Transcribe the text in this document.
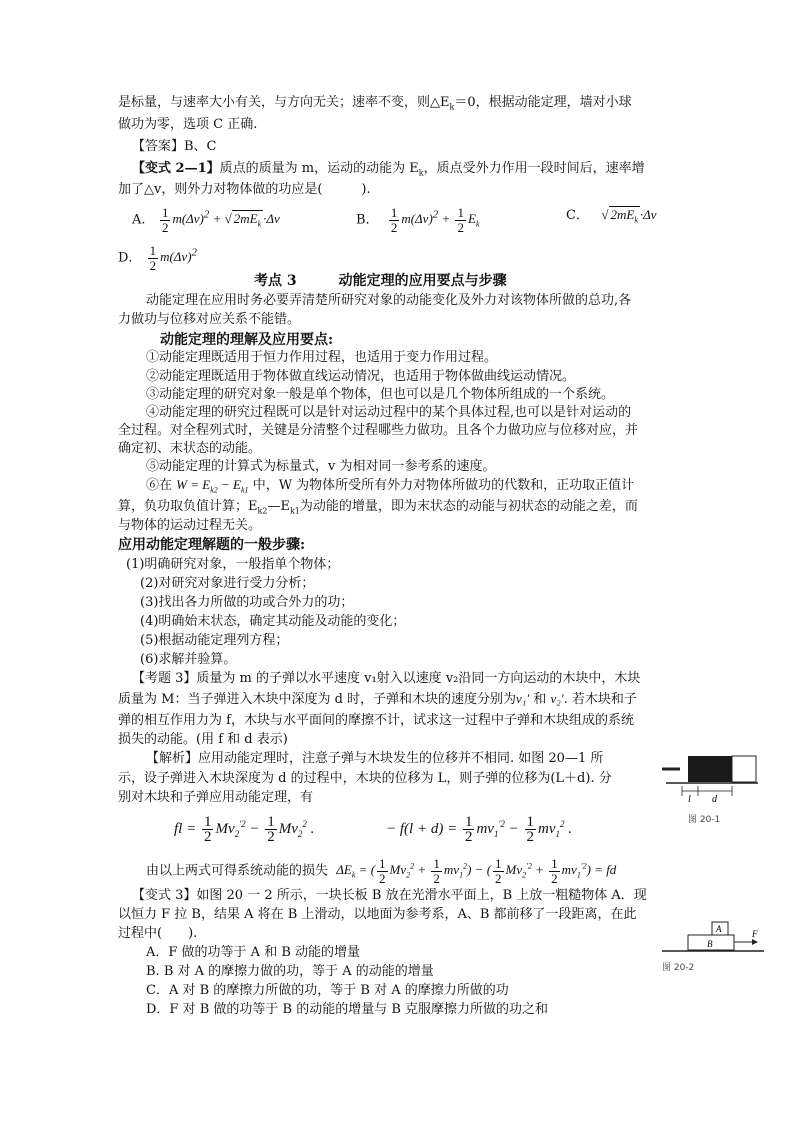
是标量，与速率大小有关，与方向无关；速率不变，则$\triangle E_k=0$，根据动能定理，墙对小球
做功为零，选项 C 正确.
【答案】B、C
【变式 2—1】质点的质量为 m，运动的动能为 $E_k$，质点受外力作用一段时间后，速率增
加了△v，则外力对物体做的功应是(　　　).
A. $\frac{1}{2} m(\Delta v)^2$ + √ $2mE_k \cdot\Delta v$	B． $\frac{1}{2} m(\Delta v)^2 + \frac{1}{2} E_k$
C． √ $2mE_k \cdot\Delta v$
D． $\frac{1}{2} m(\Delta v)^2$
考点 3　　　动能定理的应用要点与步骤
动能定理在应用时务必要弄清楚所研究对象的动能变化及外力对该物体所做的总功,各
力做功与位移对应关系不能错。
动能定理的理解及应用要点:
①动能定理既适用于恒力作用过程，也适用于变力作用过程。
②动能定理既适用于物体做直线运动情况，也适用于物体做曲线运动情况。
③动能定理的研究对象一般是单个物体，但也可以是几个物体所组成的一个系统。
④动能定理的研究过程既可以是针对运动过程中的某个具体过程,也可以是针对运动的
全过程。对全程列式时，关键是分清整个过程哪些力做功。且各个力做功应与位移对应，并
确定初、末状态的动能。
⑤动能定理的计算式为标量式，v 为相对同一参考系的速度。
⑥在 $W = E_{k2} - E_{k1}$ 中，W 为物体所受所有外力对物体所做功的代数和，正功取正值计
算，负功取负值计算；$E_{k2}—E_{k1}$为动能的增量，即为末状态的动能与初状态的动能之差，而
与物体的运动过程无关。
应用动能定理解题的一般步骤:
(1)明确研究对象，一般指单个物体；
(2)对研究对象进行受力分析；
(3)找出各力所做的功或合外力的功；
(4)明确始末状态，确定其动能及动能的变化；
(5)根据动能定理列方程；
(6)求解并验算。
【考题 3】质量为 m 的子弹以水平速度 v₁射入以速度 v₂沿同一方向运动的木块中，木块
质量为 M：当子弹进入木块中深度为 d 时，子弹和木块的速度分别为v₁′ 和 v₂′. 若木块和子
弹的相互作用力为 f，木块与水平面间的摩擦不计，试求这一过程中子弹和木块组成的系统
损失的动能。(用 f 和 d 表示)
【解析】应用动能定理时，注意子弹与木块发生的位移并不相同. 如图 20—1 所
示，设子弹进入木块深度为 d 的过程中，木块的位移为 L，则子弹的位移为(L＋d). 分
别对木块和子弹应用动能定理，有
fl = $\frac{1}{2} Mv_2^{'2} - \frac{1}{2} Mv_2^2$ .	− $f(l + d) = \frac{1}{2} mv_1^{'2} - \frac{1}{2} mv_1^2$ .
由以上两式可得系统动能的损失 $\Delta E_k$ = ( $\frac{1}{2} Mv_2^2 + \frac{1}{2} mv_1^2$) − ( $\frac{1}{2} Mv_2^{'2} + \frac{1}{2} mv_1^{'2}$) = fd
l d
图 20-1
【变式 3】如图 20 一 2 所示，一块长板 B 放在光滑水平面上，B 上放一粗糙物体 A．现
以恒力 F 拉 B，结果 A 将在 B 上滑动，以地面为参考系，A、B 都前移了一段距离，在此
过程中(　　).
A．F 做的功等于 A 和 B 动能的增量
B. B 对 A 的摩擦力做的功，等于 A 的动能的增量
C．A 对 B 的摩擦力所做的功，等于 B 对 A 的摩擦力所做的功
D．F 对 B 做的功等于 B 的动能的增量与 B 克服摩擦力所做的功之和
A
B
F
图 20-2
